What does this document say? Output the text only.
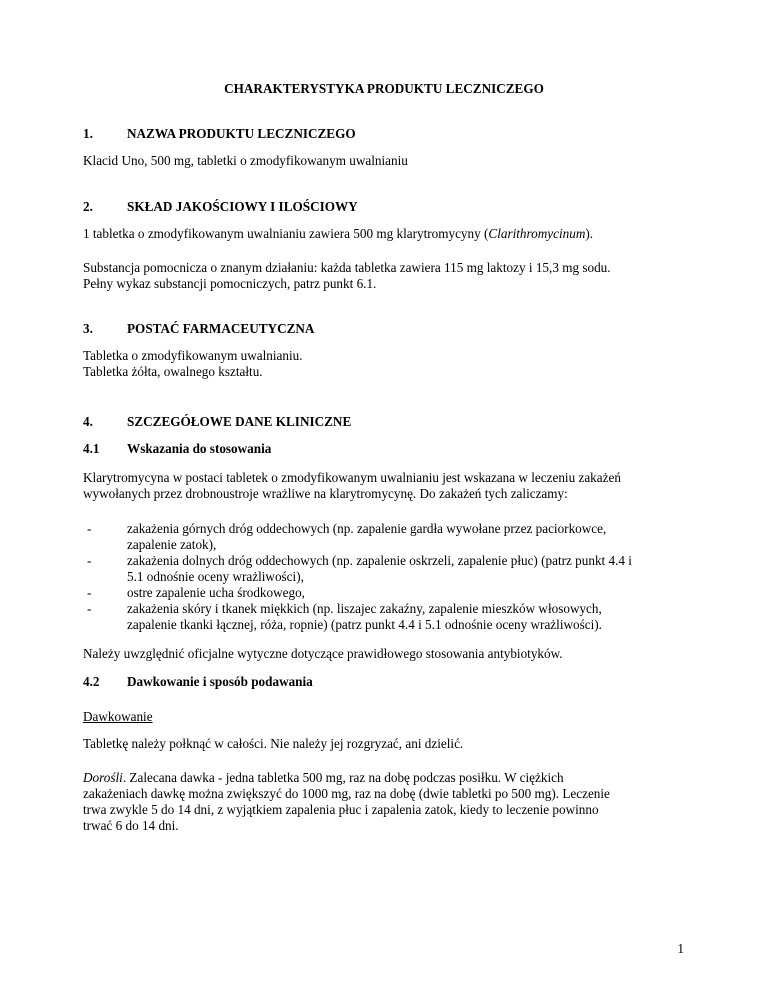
CHARAKTERYSTYKA PRODUKTU LECZNICZEGO
1.	NAZWA PRODUKTU LECZNICZEGO
Klacid Uno, 500 mg, tabletki o zmodyfikowanym uwalnianiu
2.	SKŁAD JAKOŚCIOWY I ILOŚCIOWY
1 tabletka o zmodyfikowanym uwalnianiu zawiera 500 mg klarytromycyny (Clarithromycinum).
Substancja pomocnicza o znanym działaniu: każda tabletka zawiera 115 mg laktozy i 15,3 mg sodu.
Pełny wykaz substancji pomocniczych, patrz punkt 6.1.
3.	POSTAĆ FARMACEUTYCZNA
Tabletka o zmodyfikowanym uwalnianiu.
Tabletka żółta, owalnego kształtu.
4.	SZCZEGÓŁOWE DANE KLINICZNE
4.1 Wskazania do stosowania
Klarytromycyna w postaci tabletek o zmodyfikowanym uwalnianiu jest wskazana w leczeniu zakażeń
wywołanych przez drobnoustroje wrażliwe na klarytromycynę. Do zakażeń tych zaliczamy:
-	zakażenia górnych dróg oddechowych (np. zapalenie gardła wywołane przez paciorkowce,
zapalenie zatok),
-	zakażenia dolnych dróg oddechowych (np. zapalenie oskrzeli, zapalenie płuc) (patrz punkt 4.4 i
5.1 odnośnie oceny wrażliwości),
-	ostre zapalenie ucha środkowego,
-	zakażenia skóry i tkanek miękkich (np. liszajec zakaźny, zapalenie mieszków włosowych,
zapalenie tkanki łącznej, róża, ropnie) (patrz punkt 4.4 i 5.1 odnośnie oceny wrażliwości).
Należy uwzględnić oficjalne wytyczne dotyczące prawidłowego stosowania antybiotyków.
4.2 Dawkowanie i sposób podawania
Dawkowanie
Tabletkę należy połknąć w całości. Nie należy jej rozgryzać, ani dzielić.
Dorośli. Zalecana dawka - jedna tabletka 500 mg, raz na dobę podczas posiłku. W ciężkich
zakażeniach dawkę można zwiększyć do 1000 mg, raz na dobę (dwie tabletki po 500 mg). Leczenie
trwa zwykle 5 do 14 dni, z wyjątkiem zapalenia płuc i zapalenia zatok, kiedy to leczenie powinno
trwać 6 do 14 dni.
1
